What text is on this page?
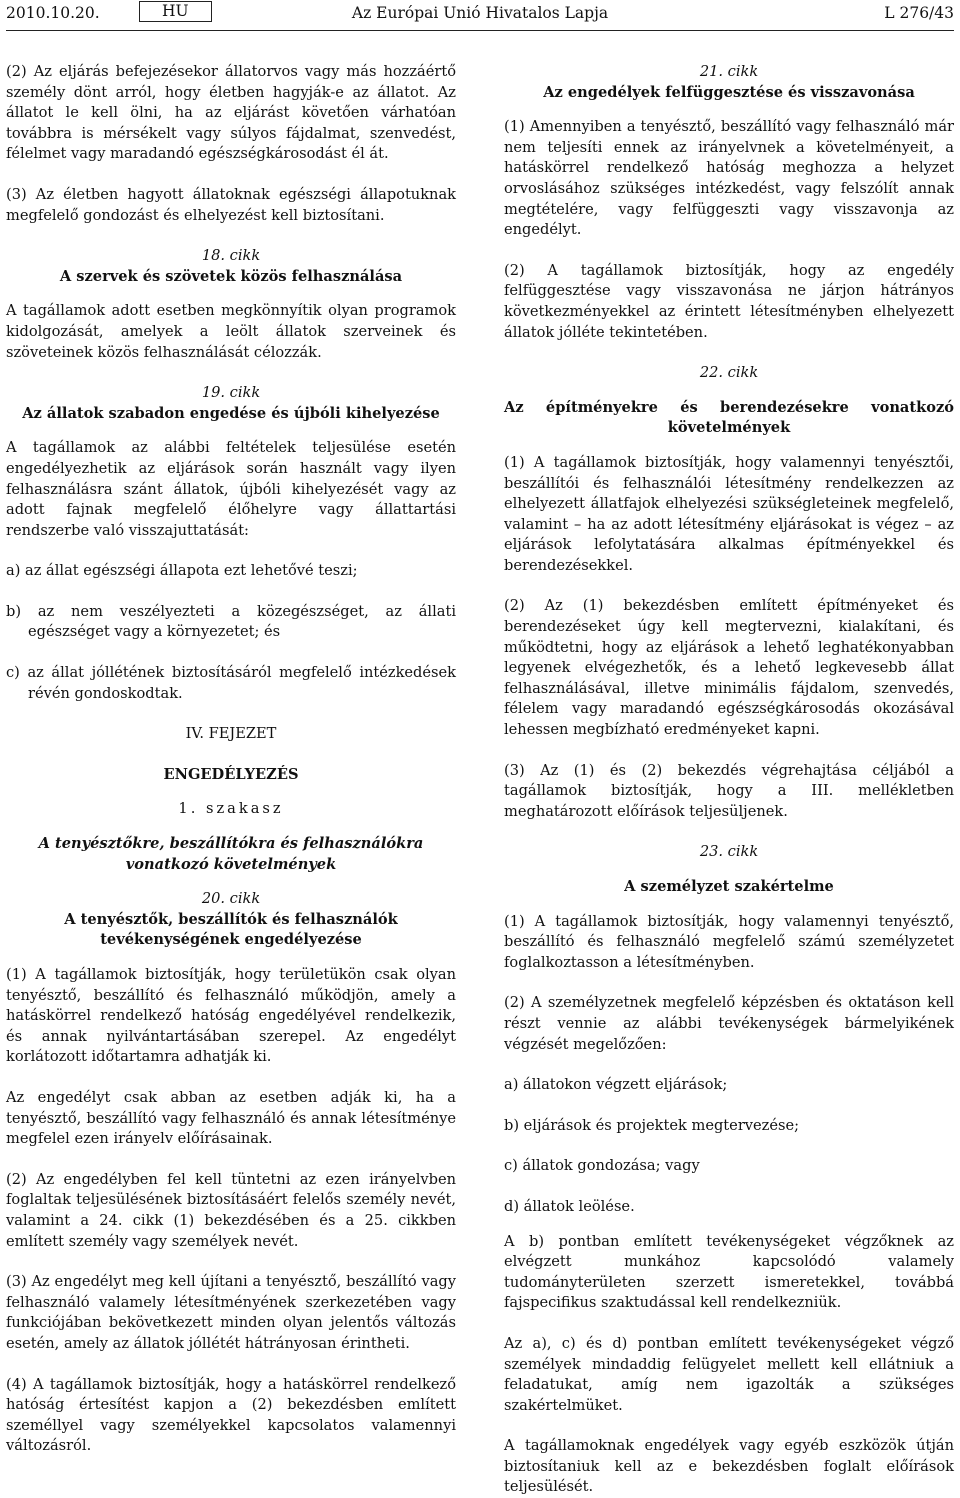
2010.10.20.	HU	Az Európai Unió Hivatalos Lapja	L 276/43

(2) Az eljárás befejezésekor állatorvos vagy más hozzáértő személy dönt arról, hogy életben hagyják-e az állatot. Az állatot le kell ölni, ha az eljárást követően várhatóan továbbra is mérsékelt vagy súlyos fájdalmat, szenvedést, félelmet vagy maradandó egészségkárosodást él át.

(3) Az életben hagyott állatoknak egészségi állapotuknak megfelelő gondozást és elhelyezést kell biztosítani.

18. cikk

A szervek és szövetek közös felhasználása

A tagállamok adott esetben megkönnyítik olyan programok kidolgozását, amelyek a leölt állatok szerveinek és szöveteinek közös felhasználását célozzák.

19. cikk

Az állatok szabadon engedése és újbóli kihelyezése

A tagállamok az alábbi feltételek teljesülése esetén engedélyezhetik az eljárások során használt vagy ilyen felhasználásra szánt állatok, újbóli kihelyezését vagy az adott fajnak megfelelő élőhelyre vagy állattartási rendszerbe való visszajuttatását:

a) az állat egészségi állapota ezt lehetővé teszi;

b) az nem veszélyezteti a közegészséget, az állati egészséget vagy a környezetet; és

c) az állat jóllétének biztosításáról megfelelő intézkedések révén gondoskodtak.

IV. FEJEZET

ENGEDÉLYEZÉS

1. szakasz

A tenyésztőkre, beszállítókra és felhasználókra vonatkozó követelmények

20. cikk

A tenyésztők, beszállítók és felhasználók tevékenységének engedélyezése

(1) A tagállamok biztosítják, hogy területükön csak olyan tenyésztő, beszállító és felhasználó működjön, amely a hatáskörrel rendelkező hatóság engedélyével rendelkezik, és annak nyilvántartásában szerepel. Az engedélyt korlátozott időtartamra adhatják ki.

Az engedélyt csak abban az esetben adják ki, ha a tenyésztő, beszállító vagy felhasználó és annak létesítménye megfelel ezen irányelv előírásainak.

(2) Az engedélyben fel kell tüntetni az ezen irányelvben foglaltak teljesülésének biztosításáért felelős személy nevét, valamint a 24. cikk (1) bekezdésében és a 25. cikkben említett személy vagy személyek nevét.

(3) Az engedélyt meg kell újítani a tenyésztő, beszállító vagy felhasználó valamely létesítményének szerkezetében vagy funkciójában bekövetkezett minden olyan jelentős változás esetén, amely az állatok jóllétét hátrányosan érintheti.

(4) A tagállamok biztosítják, hogy a hatáskörrel rendelkező hatóság értesítést kapjon a (2) bekezdésben említett személlyel vagy személyekkel kapcsolatos valamennyi változásról.

21. cikk

Az engedélyek felfüggesztése és visszavonása

(1) Amennyiben a tenyésztő, beszállító vagy felhasználó már nem teljesíti ennek az irányelvnek a követelményeit, a hatáskörrel rendelkező hatóság meghozza a helyzet orvoslásához szükséges intézkedést, vagy felszólít annak megtételére, vagy felfüggeszti vagy visszavonja az engedélyt.

(2) A tagállamok biztosítják, hogy az engedély felfüggesztése vagy visszavonása ne járjon hátrányos következményekkel az érintett létesítményben elhelyezett állatok jólléte tekintetében.

22. cikk

Az építményekre és berendezésekre vonatkozó követelmények

(1) A tagállamok biztosítják, hogy valamennyi tenyésztői, beszállítói és felhasználói létesítmény rendelkezzen az elhelyezett állatfajok elhelyezési szükségleteinek megfelelő, valamint – ha az adott létesítmény eljárásokat is végez – az eljárások lefolytatására alkalmas építményekkel és berendezésekkel.

(2) Az (1) bekezdésben említett építményeket és berendezéseket úgy kell megtervezni, kialakítani, és működtetni, hogy az eljárások a lehető leghatékonyabban legyenek elvégezhetők, és a lehető legkevesebb állat felhasználásával, illetve minimális fájdalom, szenvedés, félelem vagy maradandó egészségkárosodás okozásával lehessen megbízható eredményeket kapni.

(3) Az (1) és (2) bekezdés végrehajtása céljából a tagállamok biztosítják, hogy a III. mellékletben meghatározott előírások teljesüljenek.

23. cikk

A személyzet szakértelme

(1) A tagállamok biztosítják, hogy valamennyi tenyésztő, beszállító és felhasználó megfelelő számú személyzetet foglalkoztasson a létesítményben.

(2) A személyzetnek megfelelő képzésben és oktatáson kell részt vennie az alábbi tevékenységek bármelyikének végzését megelőzően:

a) állatokon végzett eljárások;

b) eljárások és projektek megtervezése;

c) állatok gondozása; vagy

d) állatok leölése.

A b) pontban említett tevékenységeket végzőknek az elvégzett munkához kapcsolódó valamely tudományterületen szerzett ismeretekkel, továbbá fajspecifikus szaktudással kell rendelkezniük.

Az a), c) és d) pontban említett tevékenységeket végző személyek mindaddig felügyelet mellett kell ellátniuk a feladatukat, amíg nem igazolták a szükséges szakértelmüket.

A tagállamoknak engedélyek vagy egyéb eszközök útján biztosítaniuk kell az e bekezdésben foglalt előírások teljesülését.
